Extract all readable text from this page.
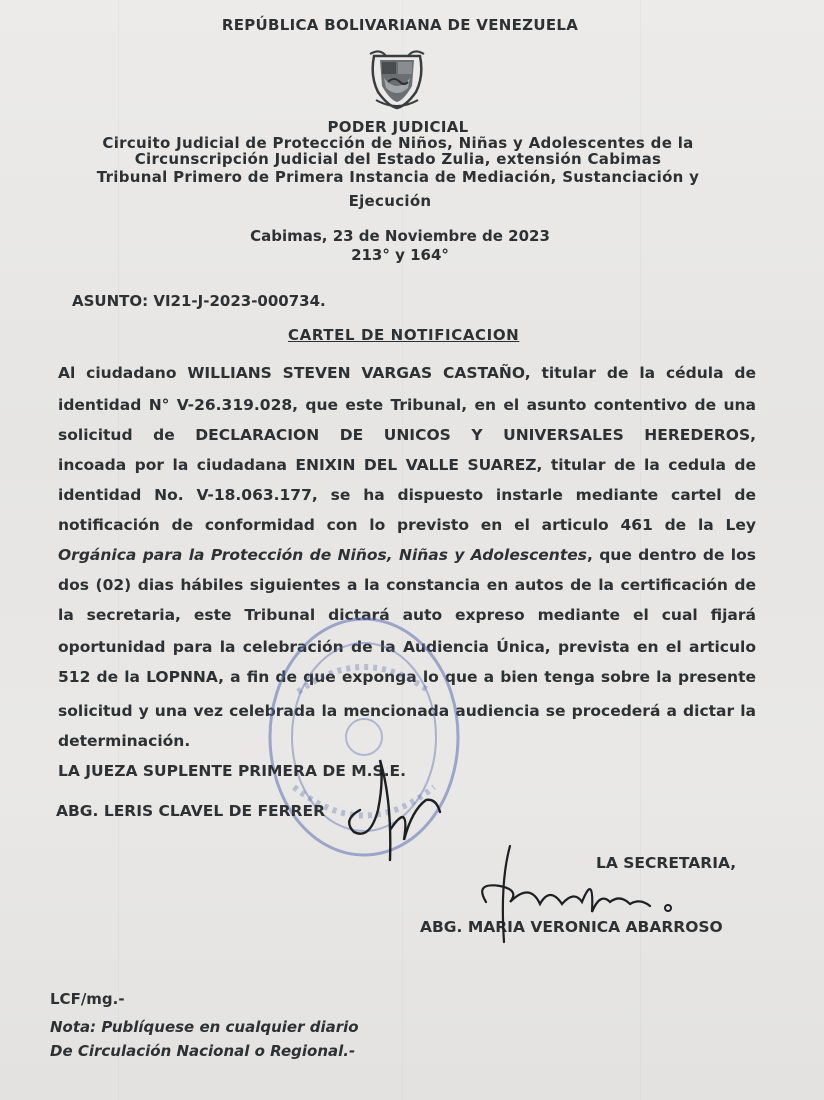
REPÚBLICA BOLIVARIANA DE VENEZUELA
PODER JUDICIAL
Circuito Judicial de Protección de Niños, Niñas y Adolescentes de la
Circunscripción Judicial del Estado Zulia, extensión Cabimas
Tribunal Primero de Primera Instancia de Mediación, Sustanciación y
Ejecución
Cabimas, 23 de Noviembre de 2023
213° y 164°
ASUNTO: VI21-J-2023-000734.
CARTEL DE NOTIFICACION
Al ciudadano WILLIANS STEVEN VARGAS CASTAÑO, titular de la cédula de
identidad N° V-26.319.028, que este Tribunal, en el asunto contentivo de una
solicitud de DECLARACION DE UNICOS Y UNIVERSALES HEREDEROS,
incoada por la ciudadana ENIXIN DEL VALLE SUAREZ, titular de la cedula de
identidad No. V-18.063.177, se ha dispuesto instarle mediante cartel de
notificación de conformidad con lo previsto en el articulo 461 de la Ley
Orgánica para la Protección de Niños, Niñas y Adolescentes, que dentro de los
dos (02) dias hábiles siguientes a la constancia en autos de la certificación de
la secretaria, este Tribunal dictará auto expreso mediante el cual fijará
oportunidad para la celebración de la Audiencia Única, prevista en el articulo
512 de la LOPNNA, a fin de que exponga lo que a bien tenga sobre la presente
solicitud y una vez celebrada la mencionada audiencia se procederá a dictar la
determinación.
LA JUEZA SUPLENTE PRIMERA DE M.S.E.
ABG. LERIS CLAVEL DE FERRER
LA SECRETARIA,
ABG. MARIA VERONICA ABARROSO
LCF/mg.-
Nota: Publíquese en cualquier diario
De Circulación Nacional o Regional.-
